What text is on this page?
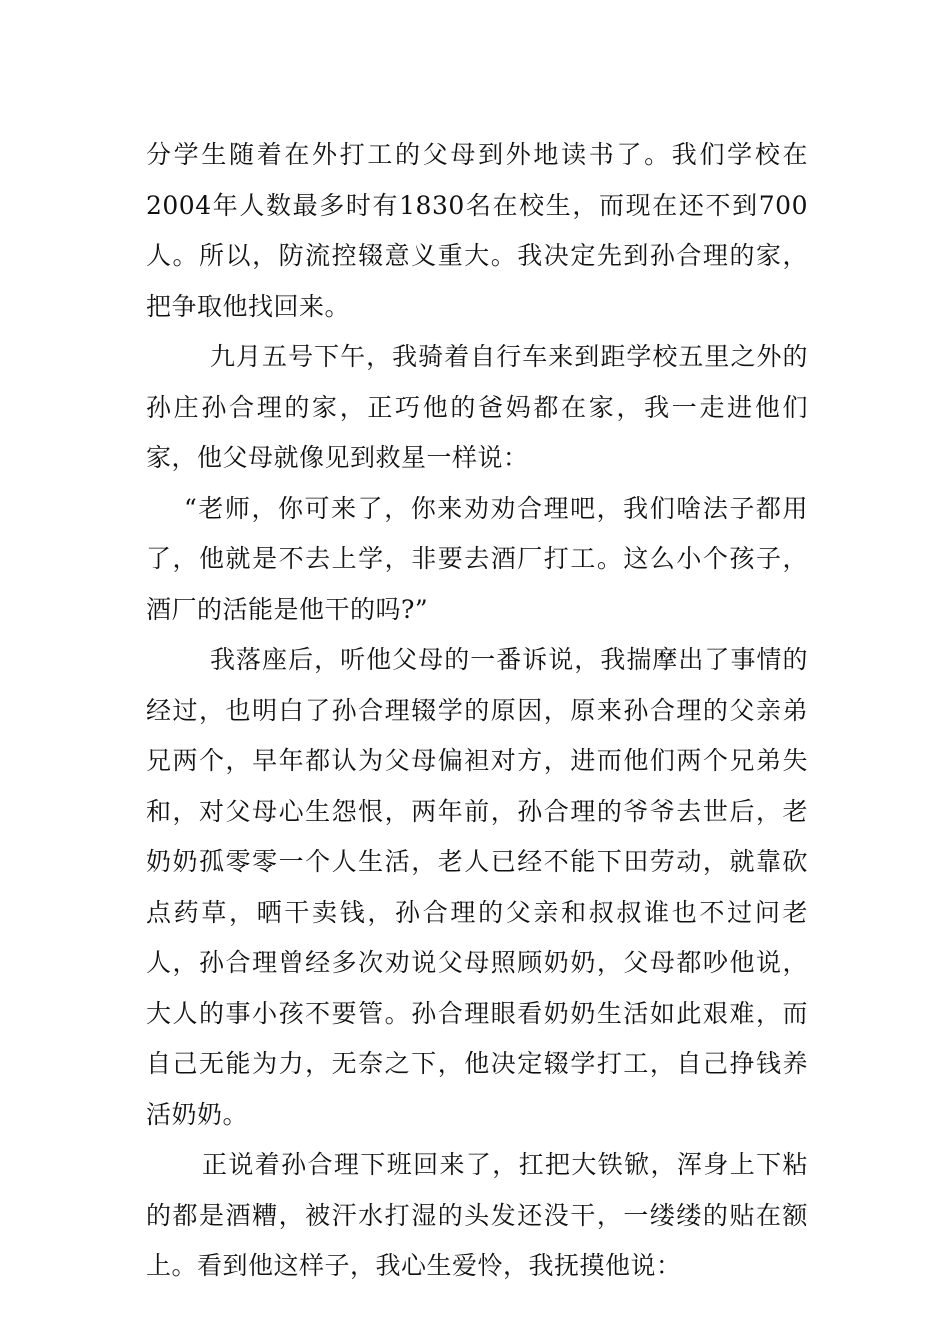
分学生随着在外打工的父母到外地读书了。我们学校在2004年人数最多时有1830名在校生，而现在还不到700人。所以，防流控辍意义重大。我决定先到孙合理的家，把争取他找回来。

九月五号下午，我骑着自行车来到距学校五里之外的孙庄孙合理的家，正巧他的爸妈都在家，我一走进他们家，他父母就像见到救星一样说：

“老师，你可来了，你来劝劝合理吧，我们啥法子都用了，他就是不去上学，非要去酒厂打工。这么小个孩子，酒厂的活能是他干的吗?”

我落座后，听他父母的一番诉说，我揣摩出了事情的经过，也明白了孙合理辍学的原因，原来孙合理的父亲弟兄两个，早年都认为父母偏袒对方，进而他们两个兄弟失和，对父母心生怨恨，两年前，孙合理的爷爷去世后，老奶奶孤零零一个人生活，老人已经不能下田劳动，就靠砍点药草，晒干卖钱，孙合理的父亲和叔叔谁也不过问老人，孙合理曾经多次劝说父母照顾奶奶，父母都吵他说，大人的事小孩不要管。孙合理眼看奶奶生活如此艰难，而自己无能为力，无奈之下，他决定辍学打工，自己挣钱养活奶奶。

正说着孙合理下班回来了，扛把大铁锨，浑身上下粘的都是酒糟，被汗水打湿的头发还没干，一缕缕的贴在额上。看到他这样子，我心生爱怜，我抚摸他说：
